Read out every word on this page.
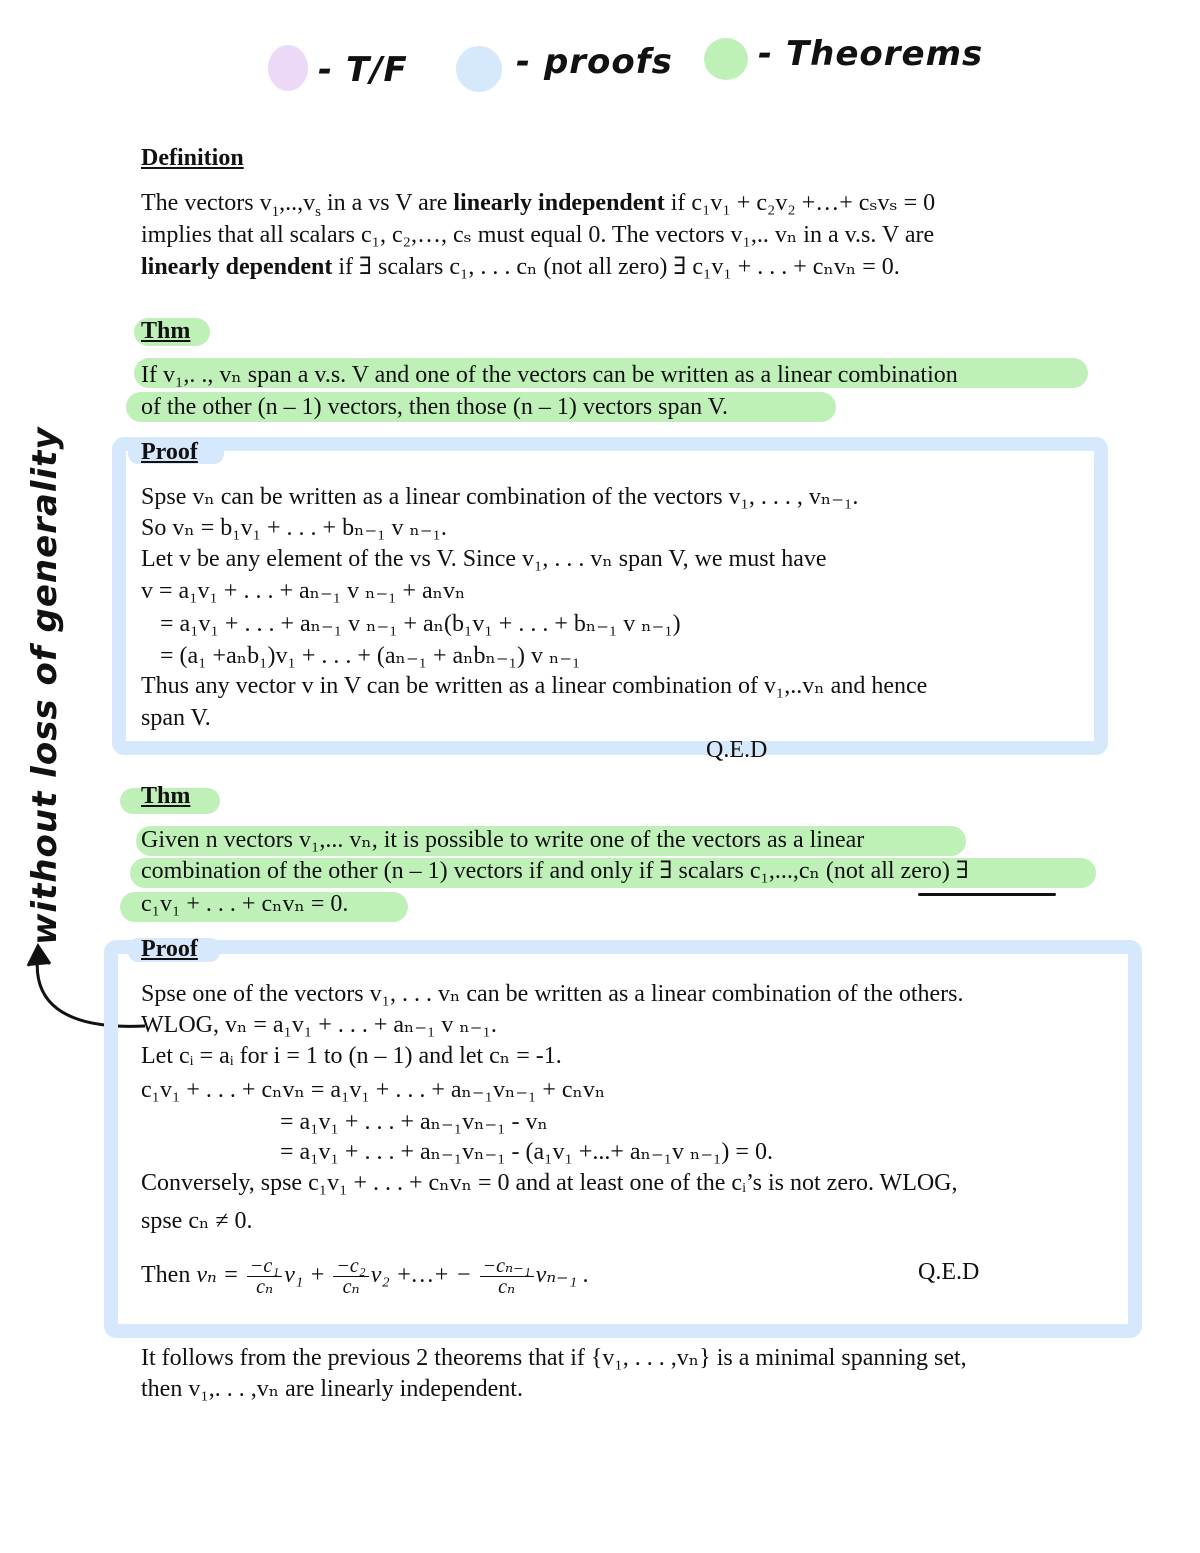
- T/F	- proofs	- Theorems
without loss of generality
Definition
The vectors $v_1,..,v_s$ in a vs V are linearly independent if c₁v₁ + c₂v₂ +…+ cₛvₛ = 0
implies that all scalars c₁, c₂,…, cₛ must equal 0. The vectors v₁,.. vₙ in a v.s. V are
linearly dependent if ∃ scalars c₁, . . . cₙ (not all zero) ∃ c₁v₁ + . . . + cₙvₙ = 0.
Thm
If v₁,. ., vₙ span a v.s. V and one of the vectors can be written as a linear combination
of the other (n – 1) vectors, then those (n – 1) vectors span V.
Proof
Spse vₙ can be written as a linear combination of the vectors v₁, . . . , vₙ₋₁.
So vₙ = b₁v₁ + . . . + bₙ₋₁ v ₙ₋₁.
Let v be any element of the vs V. Since v₁, . . . vₙ span V, we must have
v = a₁v₁ + . . . + aₙ₋₁ v ₙ₋₁ + aₙvₙ
= a₁v₁ + . . . + aₙ₋₁ v ₙ₋₁ + aₙ(b₁v₁ + . . . + bₙ₋₁ v ₙ₋₁)
= (a₁ +aₙb₁)v₁ + . . . + (aₙ₋₁ + aₙbₙ₋₁) v ₙ₋₁
Thus any vector v in V can be written as a linear combination of v₁,..vₙ and hence
span V.
Q.E.D
Thm
Given n vectors v₁,... vₙ, it is possible to write one of the vectors as a linear
combination of the other (n – 1) vectors if and only if ∃ scalars c₁,...,cₙ (not all zero) ∃
c₁v₁ + . . . + cₙvₙ = 0.
Proof
Spse one of the vectors v₁, . . . vₙ can be written as a linear combination of the others.
WLOG, vₙ = a₁v₁ + . . . + aₙ₋₁ v ₙ₋₁.
Let cᵢ = aᵢ for i = 1 to (n – 1) and let cₙ = -1.
c₁v₁ + . . . + cₙvₙ = a₁v₁ + . . . + aₙ₋₁vₙ₋₁ + cₙvₙ
= a₁v₁ + . . . + aₙ₋₁vₙ₋₁ - vₙ
= a₁v₁ + . . . + aₙ₋₁vₙ₋₁ - (a₁v₁ +...+ aₙ₋₁v ₙ₋₁) = 0.
Conversely, spse c₁v₁ + . . . + cₙvₙ = 0 and at least one of the cᵢ’s is not zero. WLOG,
spse cₙ ≠ 0.
Then $v_n = \frac{\text{−c₁}}{\text{cₙ}} v_1 + \frac{\text{−c₂}}{\text{cₙ}} v_2$ +…+ − $\frac{\text{−cₙ₋₁}}{\text{cₙ}} v_{n-1}$ .	Q.E.D
It follows from the previous 2 theorems that if {v₁, . . . ,vₙ} is a minimal spanning set,
then v₁,. . . ,vₙ are linearly independent.
